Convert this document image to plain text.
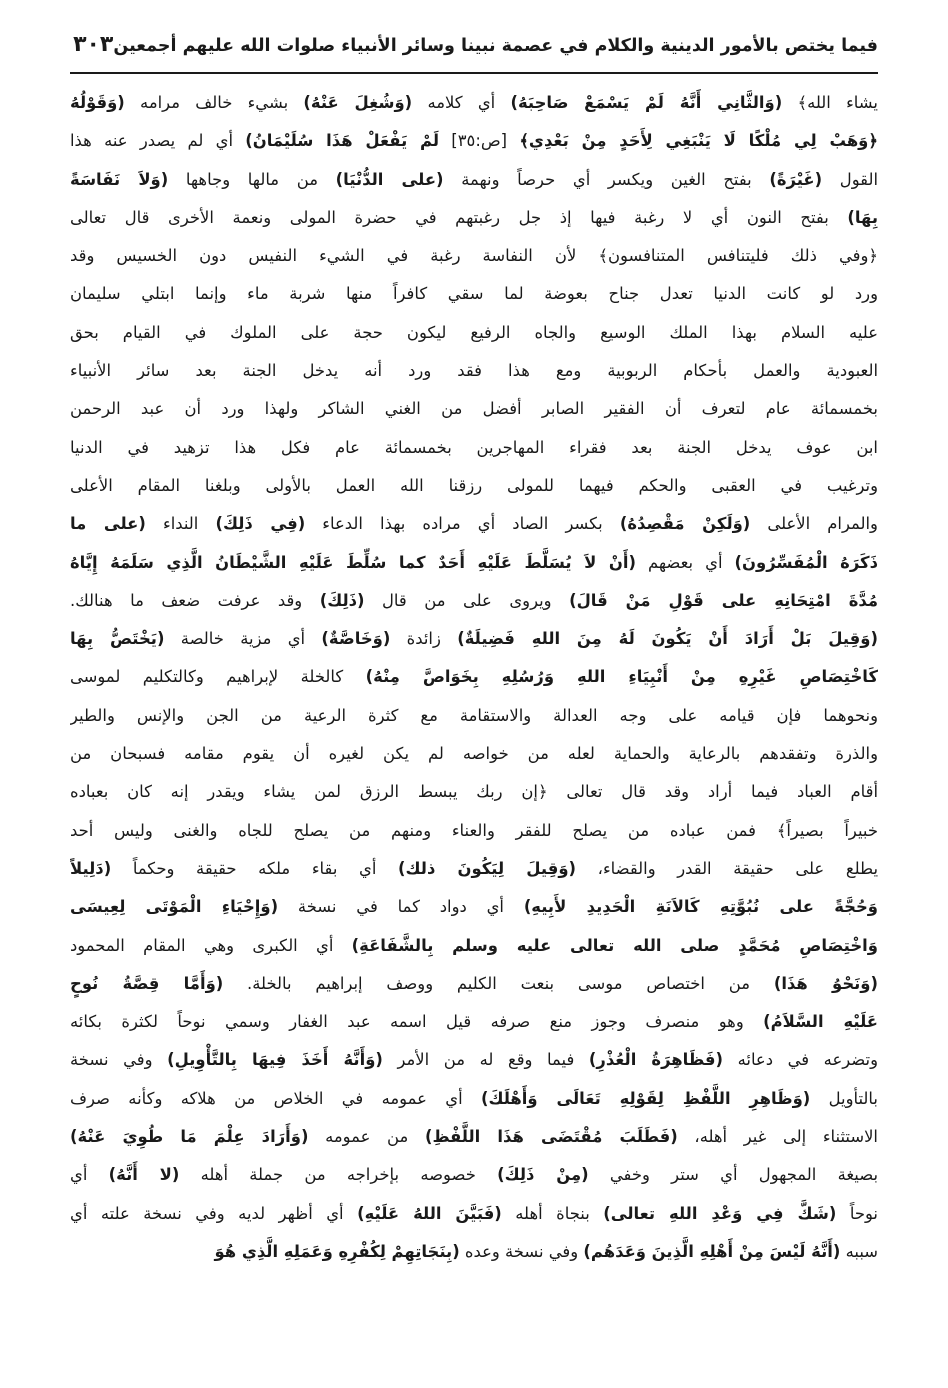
فيما يختص بالأمور الدينية والكلام في عصمة نبينا وسائر الأنبياء صلوات الله عليهم أجمعين
٣٠٣
يشاء الله﴾ (وَالثَّانِي أَنَّهُ لَمْ يَسْمَعْ صَاحِبَهُ) أي كلامه (وَشُغِلَ عَنْهُ) بشيء خالف مرامه (وَقَوْلُهُ
﴿وَهَبْ لِي مُلْكًا لَا يَنْبَغِي لِأَحَدٍ مِنْ بَعْدِي﴾ [ص:٣٥] لَمْ يَفْعَلْ هَذَا سُلَيْمَانُ) أي لم يصدر عنه هذا
القول (غَيْرَةً) بفتح الغين ويكسر أي حرصاً ونهمة (على الدُّنْيَا) من مالها وجاهها (وَلاَ نَفَاسَةً
بِهَا) بفتح النون أي لا رغبة فيها إذ جل رغبتهم في حضرة المولى ونعمة الأخرى قال تعالى
﴿وفي ذلك فليتنافس المتنافسون﴾ لأن النفاسة رغبة في الشيء النفيس دون الخسيس وقد
ورد لو كانت الدنيا تعدل جناح بعوضة لما سقي كافراً منها شربة ماء وإنما ابتلي سليمان
عليه السلام بهذا الملك الوسيع والجاه الرفيع ليكون حجة على الملوك في القيام بحق
العبودية والعمل بأحكام الربوبية ومع هذا فقد ورد أنه يدخل الجنة بعد سائر الأنبياء
بخمسمائة عام لتعرف أن الفقير الصابر أفضل من الغني الشاكر ولهذا ورد أن عبد الرحمن
ابن عوف يدخل الجنة بعد فقراء المهاجرين بخمسمائة عام فكل هذا تزهيد في الدنيا
وترغيب في العقبى والحكم فيهما للمولى رزقنا الله العمل بالأولى وبلغنا المقام الأعلى
والمرام الأعلى (وَلَكِنْ مَقْصِدُهُ) بكسر الصاد أي مراده بهذا الدعاء (فِي ذَلِكَ) النداء (على ما
ذَكَرَهُ الْمُفَسِّرُونَ) أي بعضهم (أَنْ لاَ يُسَلَّطَ عَلَيْهِ أَحَدٌ كما سُلِّطَ عَلَيْهِ الشَّيْطَانُ الَّذِي سَلَمَهُ إِيَّاهُ
مُدَّةَ امْتِحَانِهِ على قَوْلِ مَنْ قَالَ) ويروى على من قال (ذَلِكَ) وقد عرفت ضعف ما هنالك.
(وَقِيلَ بَلْ أَرَادَ أَنْ يَكُونَ لَهُ مِنَ اللهِ فَضِيلَةٌ) زائدة (وَخَاصَّةٌ) أي مزية خالصة (يَخْتَصُّ بِهَا
كَاخْتِصَاصِ غَيْرِهِ مِنْ أَنْبِيَاءِ اللهِ وَرُسُلِهِ بِخَوَاصَّ مِنْهُ) كالخلة لإبراهيم وكالتكليم لموسى
ونحوهما فإن قيامه على وجه العدالة والاستقامة مع كثرة الرعية من الجن والإنس والطير
والذرة وتفقدهم بالرعاية والحماية لعله من خواصه لم يكن لغيره أن يقوم مقامه فسبحان من
أقام العباد فيما أراد وقد قال تعالى ﴿إن ربك يبسط الرزق لمن يشاء ويقدر إنه كان بعباده
خبيراً بصيراً﴾ فمن عباده من يصلح للفقر والعناء ومنهم من يصلح للجاه والغنى وليس أحد
يطلع على حقيقة القدر والقضاء، (وَقِيلَ لِيَكُونَ ذلك) أي بقاء ملكه حقيقة وحكماً (دَلِيلاً
وَحُجَّةً على نُبُوَّتِهِ كَالاَنَةِ الْحَدِيدِ لأَبِيهِ) أي دواد كما في نسخة (وَإِحْيَاءِ الْمَوْتَى لِعِيسَى
وَاخْتِصَاصِ مُحَمَّدٍ صلى الله تعالى عليه وسلم بِالشَّفَاعَةِ) أي الكبرى وهي المقام المحمود
(وَنَحْوُ هَذَا) من اختصاص موسى بنعت الكليم ووصف إبراهيم بالخلة. (وَأَمَّا قِصَّةُ نُوحٍ
عَلَيْهِ السَّلاَمُ) وهو منصرف وجوز منع صرفه قيل اسمه عبد الغفار وسمي نوحاً لكثرة بكائه
وتضرعه في دعائه (فَظَاهِرَةُ الْعُذْرِ) فيما وقع له من الأمر (وَأَنَّهُ أَخَذَ فِيهَا بِالتَّأْوِيلِ) وفي نسخة
بالتأويل (وَظَاهِرِ اللَّفْظِ لِقَوْلِهِ تَعَالَى وَأَهْلَكَ) أي عمومه في الخلاص من هلاكه وكأنه صرف
الاستثناء إلى غير أهله، (فَطَلَبَ مُقْتَضَى هَذَا اللَّفْظِ) من عمومه (وَأَرَادَ عِلْمَ مَا طُوِيَ عَنْهُ)
بصيغة المجهول أي ستر وخفي (مِنْ ذَلِكَ) خصوصه بإخراجه من جملة أهله (لا أَنَّهُ) أي
نوحاً (شَكَّ فِي وَعْدِ اللهِ تعالى) بنجاة أهله (فَبَيَّنَ اللهُ عَلَيْهِ) أي أظهر لديه وفي نسخة علته أي
سببه (أَنَّهُ لَيْسَ مِنْ أَهْلِهِ الَّذِينَ وَعَدَهُم) وفي نسخة وعده (بِنَجَاتِهِمْ لِكُفْرِهِ وَعَمَلِهِ الَّذِي هُوَ
